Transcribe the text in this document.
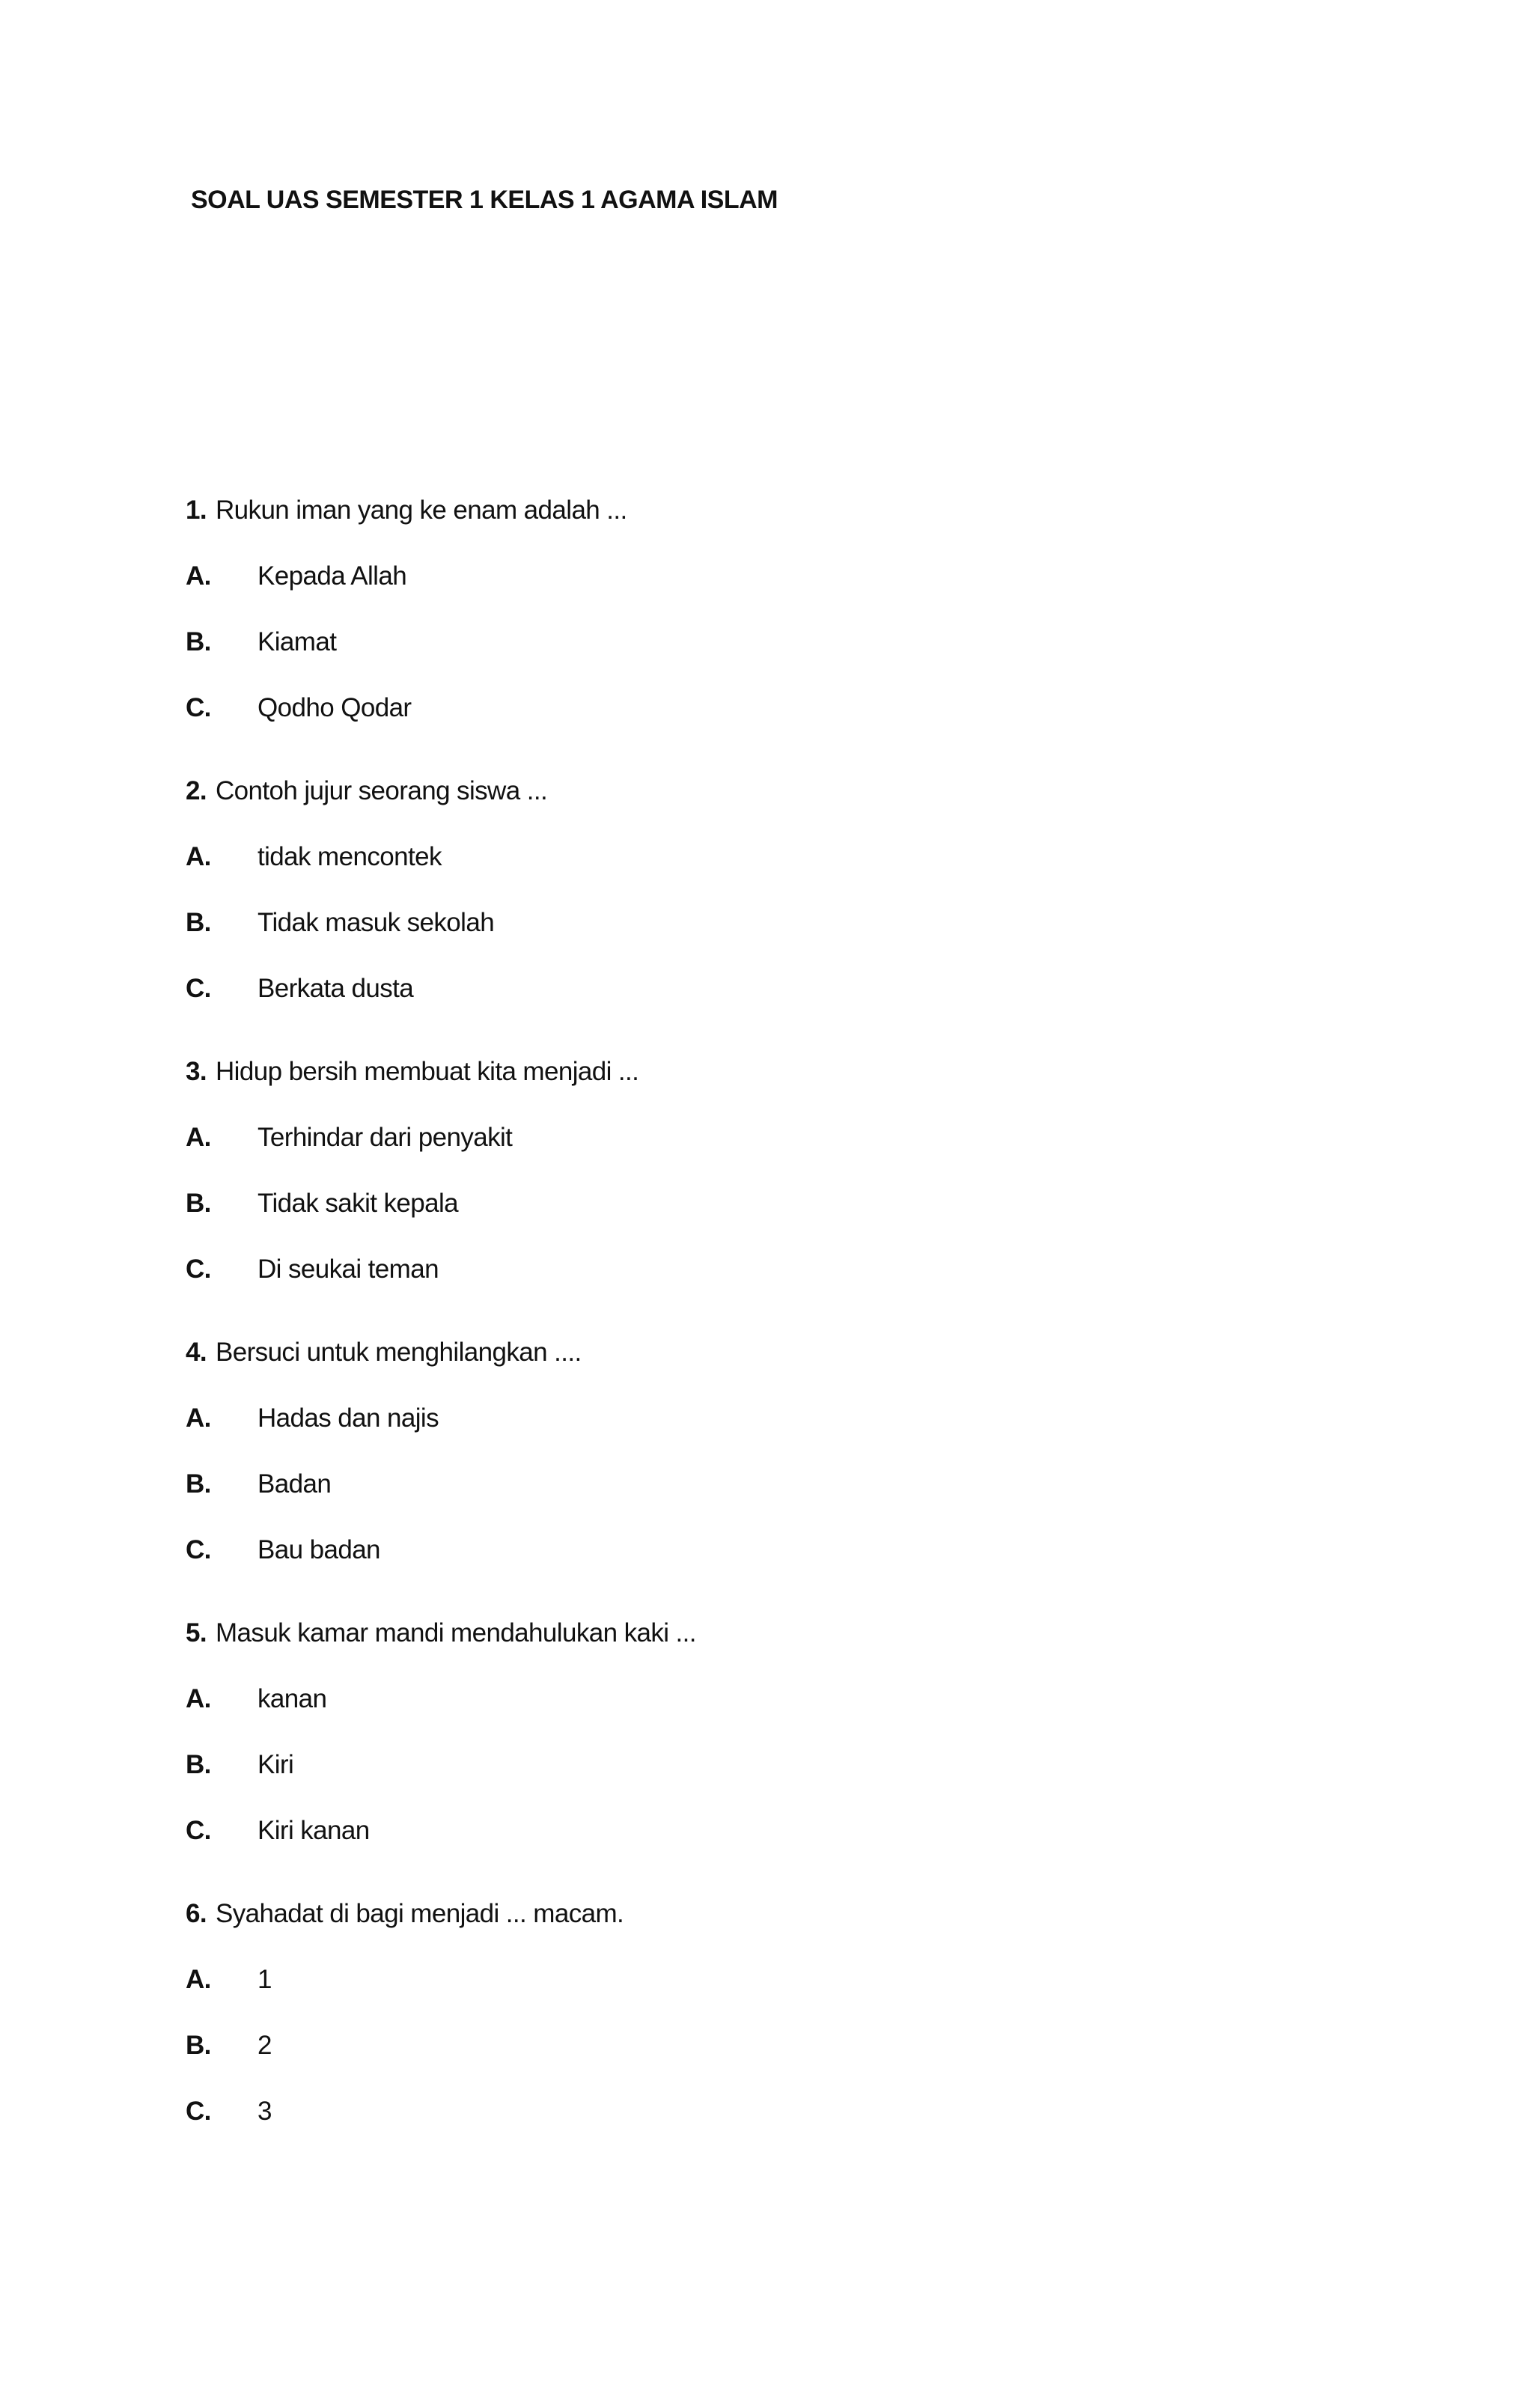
SOAL UAS SEMESTER 1 KELAS 1 AGAMA ISLAM
1. Rukun iman yang ke enam adalah ...
A. Kepada Allah
B. Kiamat
C. Qodho Qodar
2. Contoh jujur seorang siswa ...
A. tidak mencontek
B. Tidak masuk sekolah
C. Berkata dusta
3. Hidup bersih membuat kita menjadi ...
A. Terhindar dari penyakit
B. Tidak sakit kepala
C. Di seukai teman
4. Bersuci untuk menghilangkan ....
A. Hadas dan najis
B. Badan
C. Bau badan
5. Masuk kamar mandi mendahulukan kaki ...
A. kanan
B. Kiri
C. Kiri kanan
6. Syahadat di bagi menjadi ... macam.
A. 1
B. 2
C. 3
